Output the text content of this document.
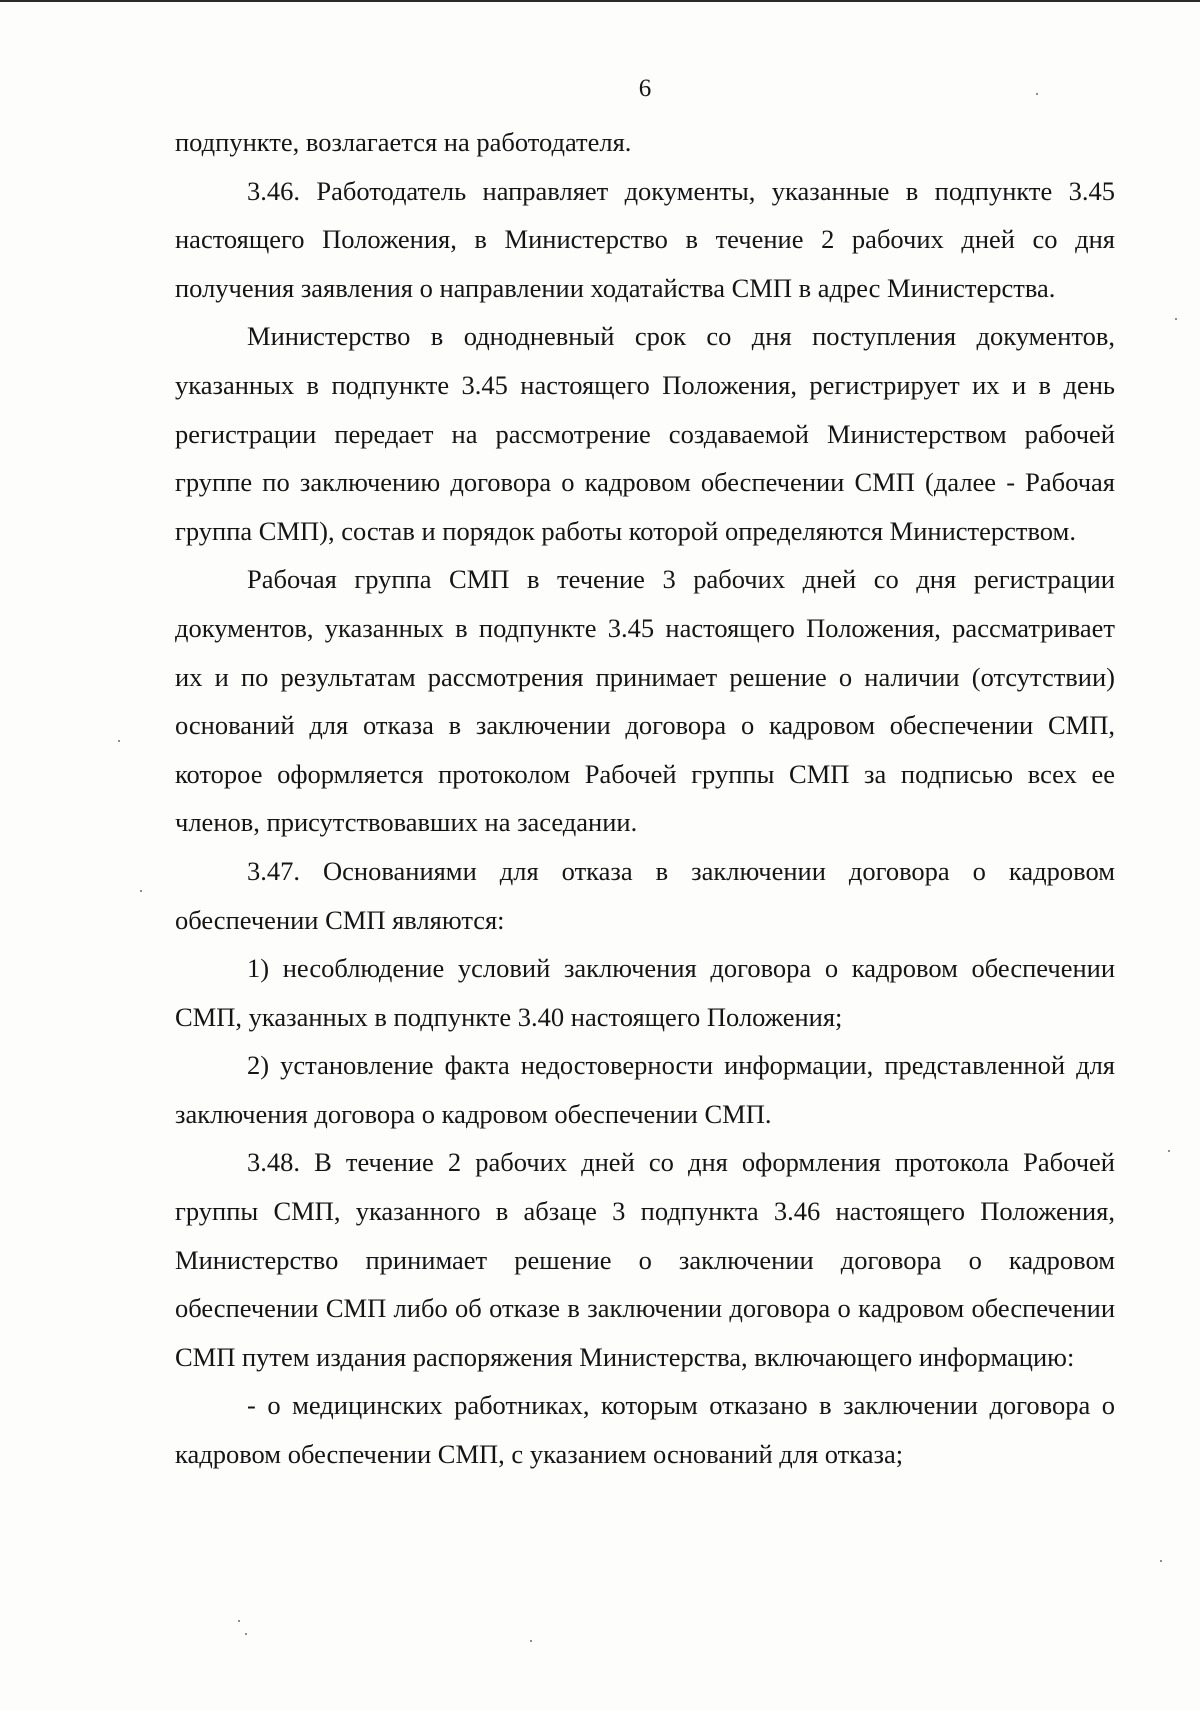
6

подпункте, возлагается на работодателя.

3.46. Работодатель направляет документы, указанные в подпункте 3.45 настоящего Положения, в Министерство в течение 2 рабочих дней со дня получения заявления о направлении ходатайства СМП в адрес Министерства.

Министерство в однодневный срок со дня поступления документов, указанных в подпункте 3.45 настоящего Положения, регистрирует их и в день регистрации передает на рассмотрение создаваемой Министерством рабочей группе по заключению договора о кадровом обеспечении СМП (далее - Рабочая группа СМП), состав и порядок работы которой определяются Министерством.

Рабочая группа СМП в течение 3 рабочих дней со дня регистрации документов, указанных в подпункте 3.45 настоящего Положения, рассматривает их и по результатам рассмотрения принимает решение о наличии (отсутствии) оснований для отказа в заключении договора о кадровом обеспечении СМП, которое оформляется протоколом Рабочей группы СМП за подписью всех ее членов, присутствовавших на заседании.

3.47. Основаниями для отказа в заключении договора о кадровом обеспечении СМП являются:

1) несоблюдение условий заключения договора о кадровом обеспечении СМП, указанных в подпункте 3.40 настоящего Положения;

2) установление факта недостоверности информации, представленной для заключения договора о кадровом обеспечении СМП.

3.48. В течение 2 рабочих дней со дня оформления протокола Рабочей группы СМП, указанного в абзаце 3 подпункта 3.46 настоящего Положения, Министерство принимает решение о заключении договора о кадровом обеспечении СМП либо об отказе в заключении договора о кадровом обеспечении СМП путем издания распоряжения Министерства, включающего информацию:

- о медицинских работниках, которым отказано в заключении договора о кадровом обеспечении СМП, с указанием оснований для отказа;
